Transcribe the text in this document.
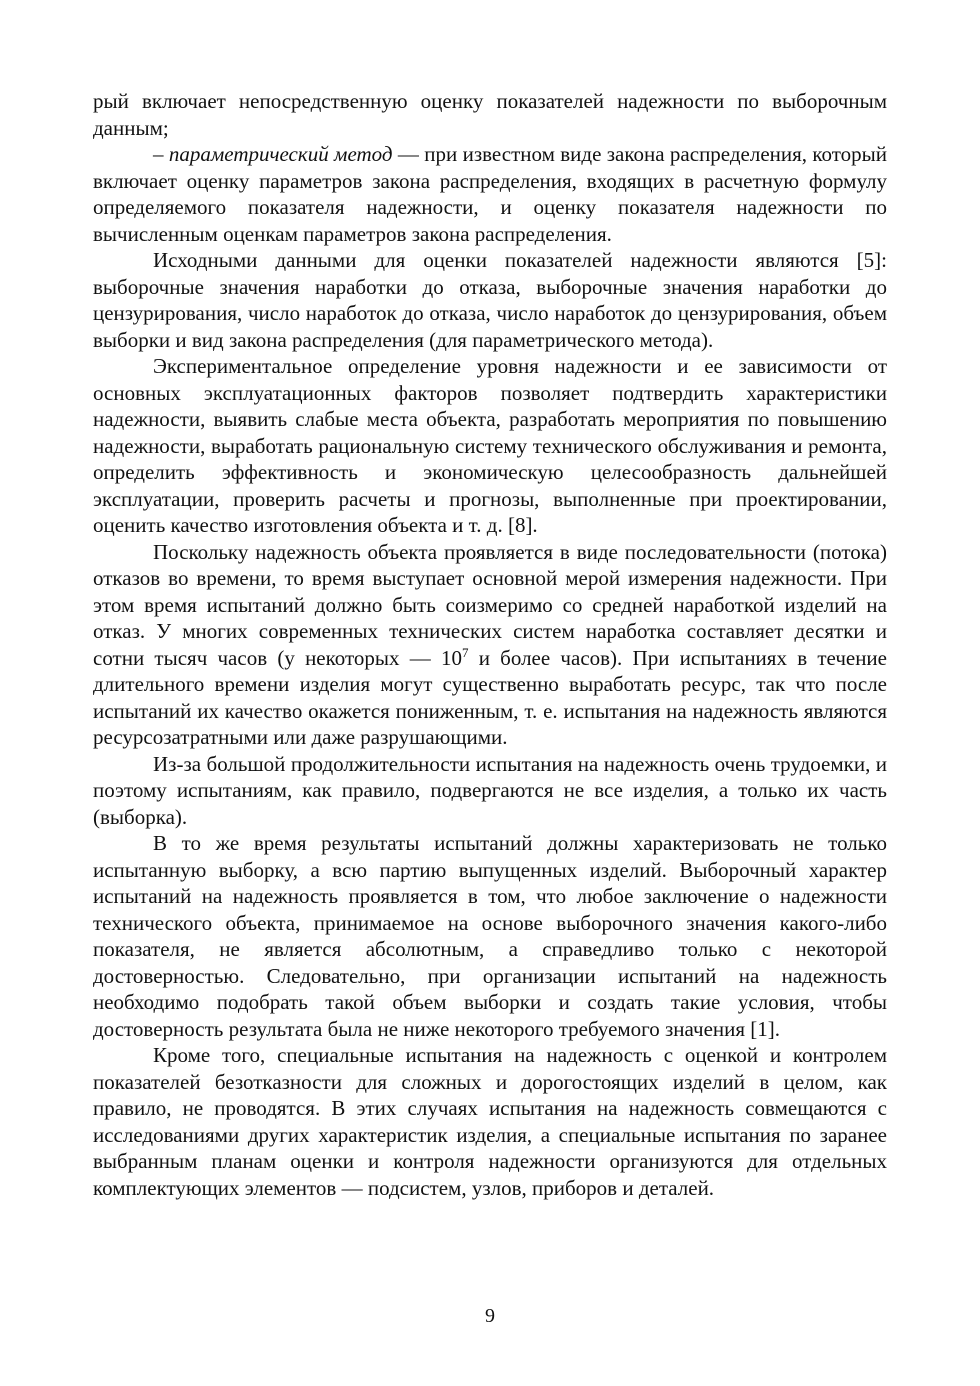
рый включает непосредственную оценку показателей надежности по выборочным данным;

– параметрический метод — при известном виде закона распределения, который включает оценку параметров закона распределения, входящих в расчетную формулу определяемого показателя надежности, и оценку показателя надежности по вычисленным оценкам параметров закона распределения.

Исходными данными для оценки показателей надежности являются [5]: выборочные значения наработки до отказа, выборочные значения наработки до цензурирования, число наработок до отказа, число наработок до цензурирования, объем выборки и вид закона распределения (для параметрического метода).

Экспериментальное определение уровня надежности и ее зависимости от основных эксплуатационных факторов позволяет подтвердить характеристики надежности, выявить слабые места объекта, разработать мероприятия по повышению надежности, выработать рациональную систему технического обслуживания и ремонта, определить эффективность и экономическую целесообразность дальнейшей эксплуатации, проверить расчеты и прогнозы, выполненные при проектировании, оценить качество изготовления объекта и т. д. [8].

Поскольку надежность объекта проявляется в виде последовательности (потока) отказов во времени, то время выступает основной мерой измерения надежности. При этом время испытаний должно быть соизмеримо со средней наработкой изделий на отказ. У многих современных технических систем наработка составляет десятки и сотни тысяч часов (у некоторых — $10^7$ и более часов). При испытаниях в течение длительного времени изделия могут существенно выработать ресурс, так что после испытаний их качество окажется пониженным, т. е. испытания на надежность являются ресурсозатратными или даже разрушающими.

Из-за большой продолжительности испытания на надежность очень трудоемки, и поэтому испытаниям, как правило, подвергаются не все изделия, а только их часть (выборка).

В то же время результаты испытаний должны характеризовать не только испытанную выборку, а всю партию выпущенных изделий. Выборочный характер испытаний на надежность проявляется в том, что любое заключение о надежности технического объекта, принимаемое на основе выборочного значения какого-либо показателя, не является абсолютным, а справедливо только с некоторой достоверностью. Следовательно, при организации испытаний на надежность необходимо подобрать такой объем выборки и создать такие условия, чтобы достоверность результата была не ниже некоторого требуемого значения [1].

Кроме того, специальные испытания на надежность с оценкой и контролем показателей безотказности для сложных и дорогостоящих изделий в целом, как правило, не проводятся. В этих случаях испытания на надежность совмещаются с исследованиями других характеристик изделия, а специальные испытания по заранее выбранным планам оценки и контроля надежности организуются для отдельных комплектующих элементов — подсистем, узлов, приборов и деталей.

9
